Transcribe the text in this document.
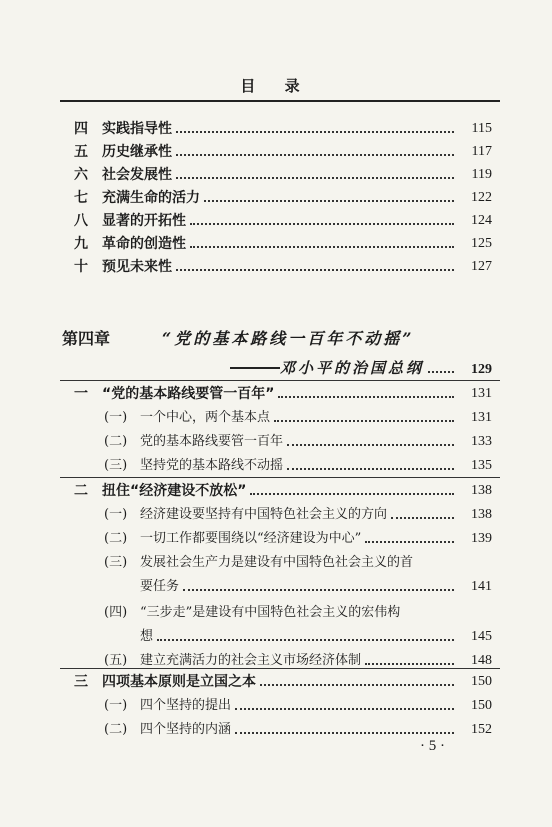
目 录
四	实践指导性	115
五	历史继承性	117
六	社会发展性	119
七	充满生命的活力	122
八	显著的开拓性	124
九	革命的创造性	125
十	预见未来性	127
第四章	“党的基本路线一百年不动摇”
邓小平的治国总纲	129
一	“党的基本路线要管一百年”	131
(一) 一个中心，两个基本点	131
(二) 党的基本路线要管一百年	133
(三) 坚持党的基本路线不动摇	135
二	扭住“经济建设不放松”	138
(一) 经济建设要坚持有中国特色社会主义的方向	138
(二) 一切工作都要围绕以“经济建设为中心”	139
(三) 发展社会生产力是建设有中国特色社会主义的首
要任务	141
(四) “三步走”是建设有中国特色社会主义的宏伟构
想	145
(五) 建立充满活力的社会主义市场经济体制	148
三	四项基本原则是立国之本	150
(一) 四个坚持的提出	150
(二) 四个坚持的内涵	152
· 5 ·
